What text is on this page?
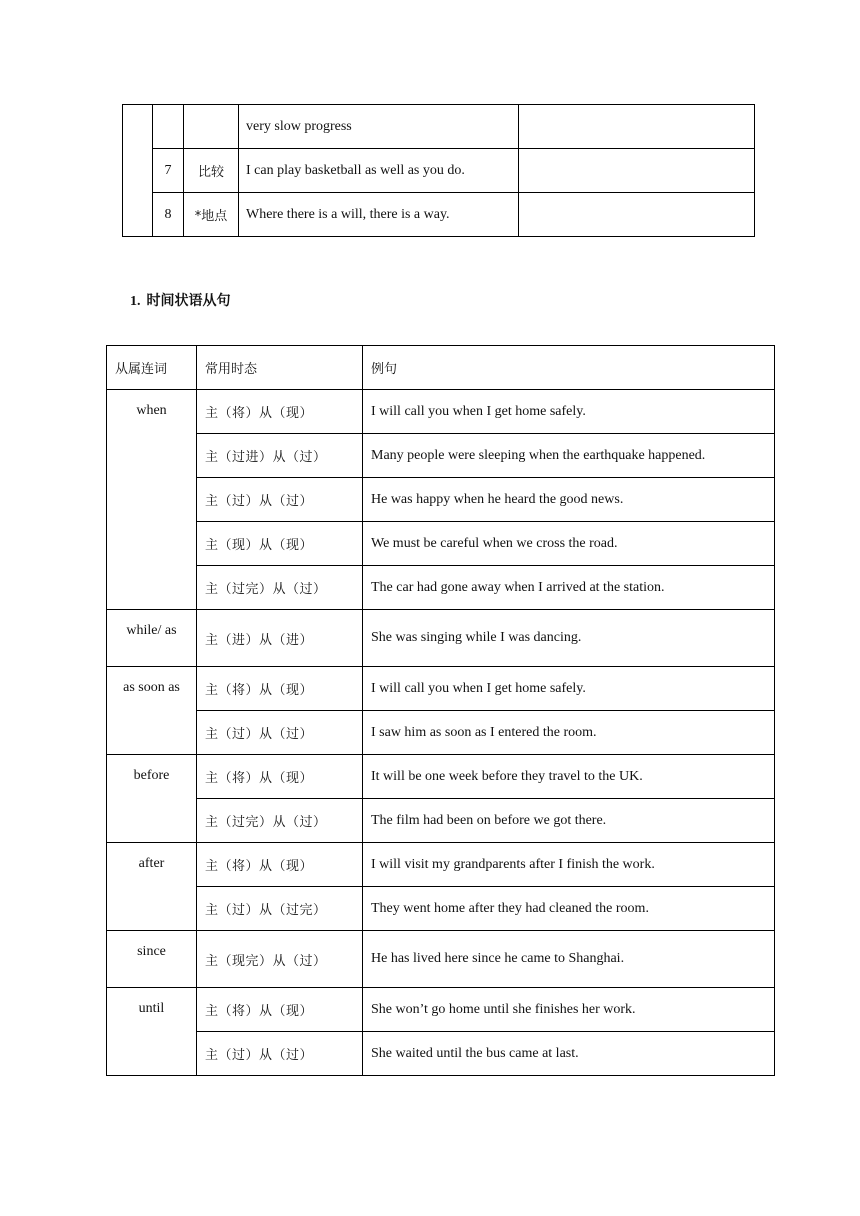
			very slow progress	
	7	比较	I can play basketball as well as you do.	
	8	*地点	Where there is a will, there is a way.	
1. 时间状语从句
从属连词	常用时态	例句
when	主（将）从（现）	I will call you when I get home safely.
	主（过进）从（过）	Many people were sleeping when the earthquake happened.
	主（过）从（过）	He was happy when he heard the good news.
	主（现）从（现）	We must be careful when we cross the road.
	主（过完）从（过）	The car had gone away when I arrived at the station.
while/ as	主（进）从（进）	She was singing while I was dancing.
as soon as	主（将）从（现）	I will call you when I get home safely.
	主（过）从（过）	I saw him as soon as I entered the room.
before	主（将）从（现）	It will be one week before they travel to the UK.
	主（过完）从（过）	The film had been on before we got there.
after	主（将）从（现）	I will visit my grandparents after I finish the work.
	主（过）从（过完）	They went home after they had cleaned the room.
since	主（现完）从（过）	He has lived here since he came to Shanghai.
until	主（将）从（现）	She won’t go home until she finishes her work.
	主（过）从（过）	She waited until the bus came at last.
